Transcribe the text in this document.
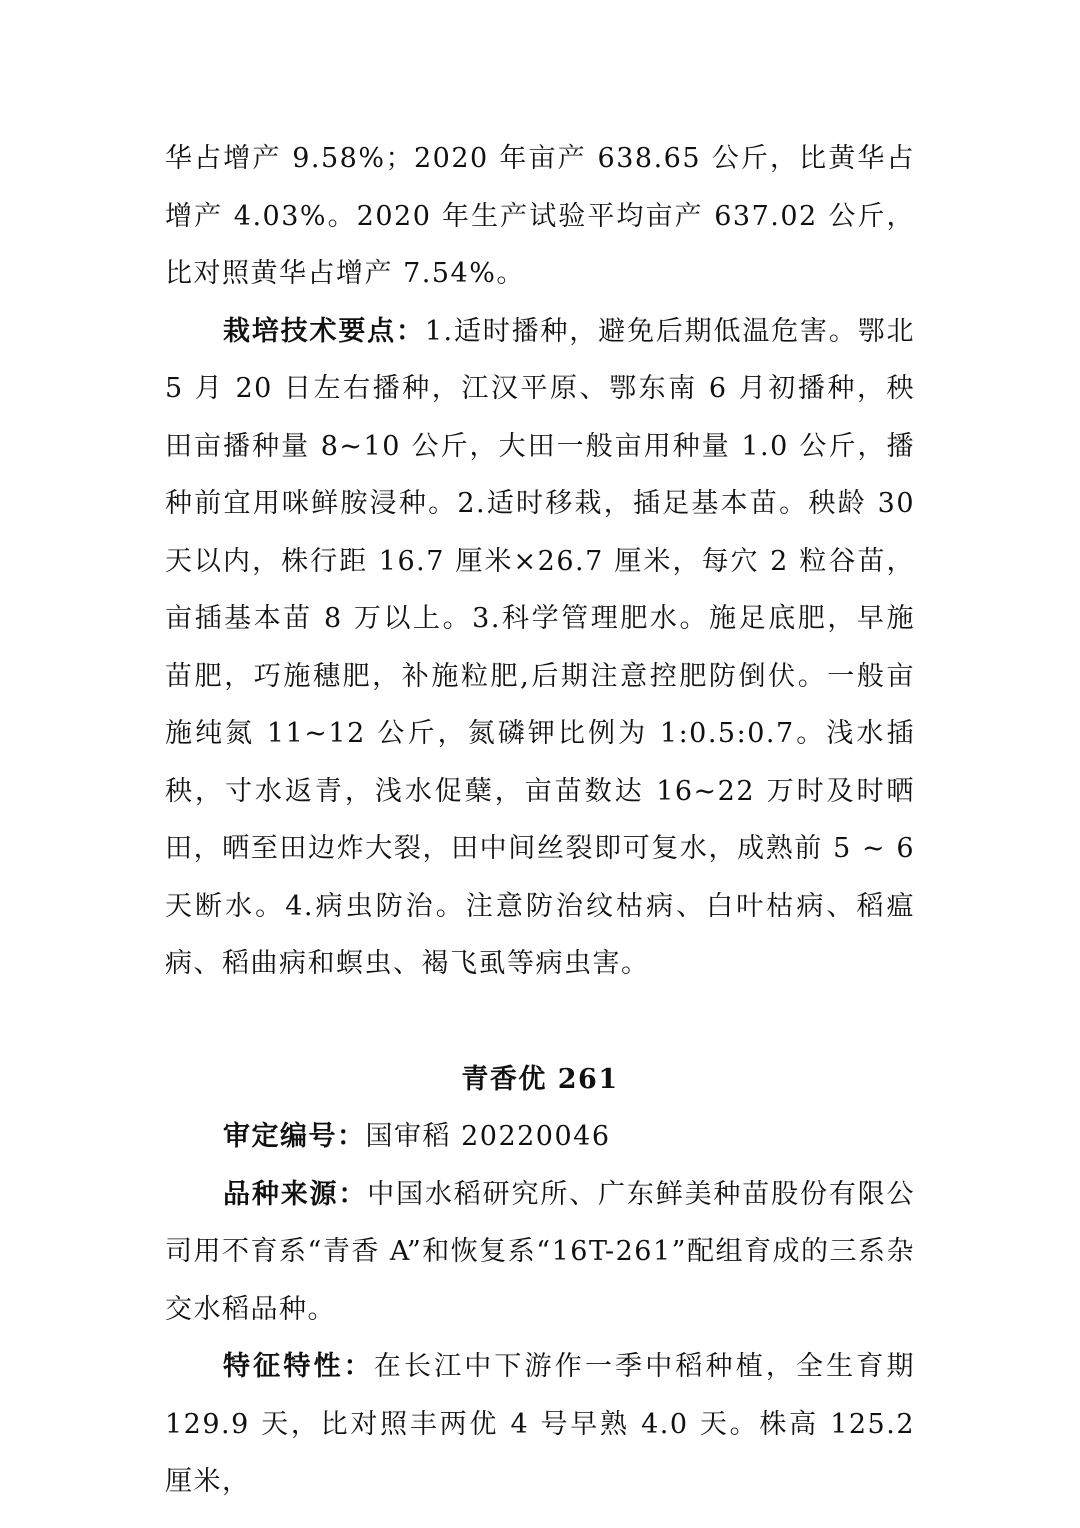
华占增产 9.58%；2020 年亩产 638.65 公斤，比黄华占增产 4.03%。2020 年生产试验平均亩产 637.02 公斤，比对照黄华占增产 7.54%。

栽培技术要点：1.适时播种，避免后期低温危害。鄂北 5 月 20 日左右播种，江汉平原、鄂东南 6 月初播种，秧田亩播种量 8~10 公斤，大田一般亩用种量 1.0 公斤，播种前宜用咪鲜胺浸种。2.适时移栽，插足基本苗。秧龄 30 天以内，株行距 16.7 厘米×26.7 厘米，每穴 2 粒谷苗，亩插基本苗 8 万以上。3.科学管理肥水。施足底肥，早施苗肥，巧施穗肥，补施粒肥,后期注意控肥防倒伏。一般亩施纯氮 11~12 公斤，氮磷钾比例为 1:0.5:0.7。浅水插秧，寸水返青，浅水促蘖，亩苗数达 16~22 万时及时晒田，晒至田边炸大裂，田中间丝裂即可复水，成熟前 5 ~ 6 天断水。4.病虫防治。注意防治纹枯病、白叶枯病、稻瘟病、稻曲病和螟虫、褐飞虱等病虫害。

青香优 261

审定编号：国审稻 20220046

品种来源：中国水稻研究所、广东鲜美种苗股份有限公司用不育系“青香 A”和恢复系“16T-261”配组育成的三系杂交水稻品种。

特征特性：在长江中下游作一季中稻种植，全生育期 129.9 天，比对照丰两优 4 号早熟 4.0 天。株高 125.2 厘米，
